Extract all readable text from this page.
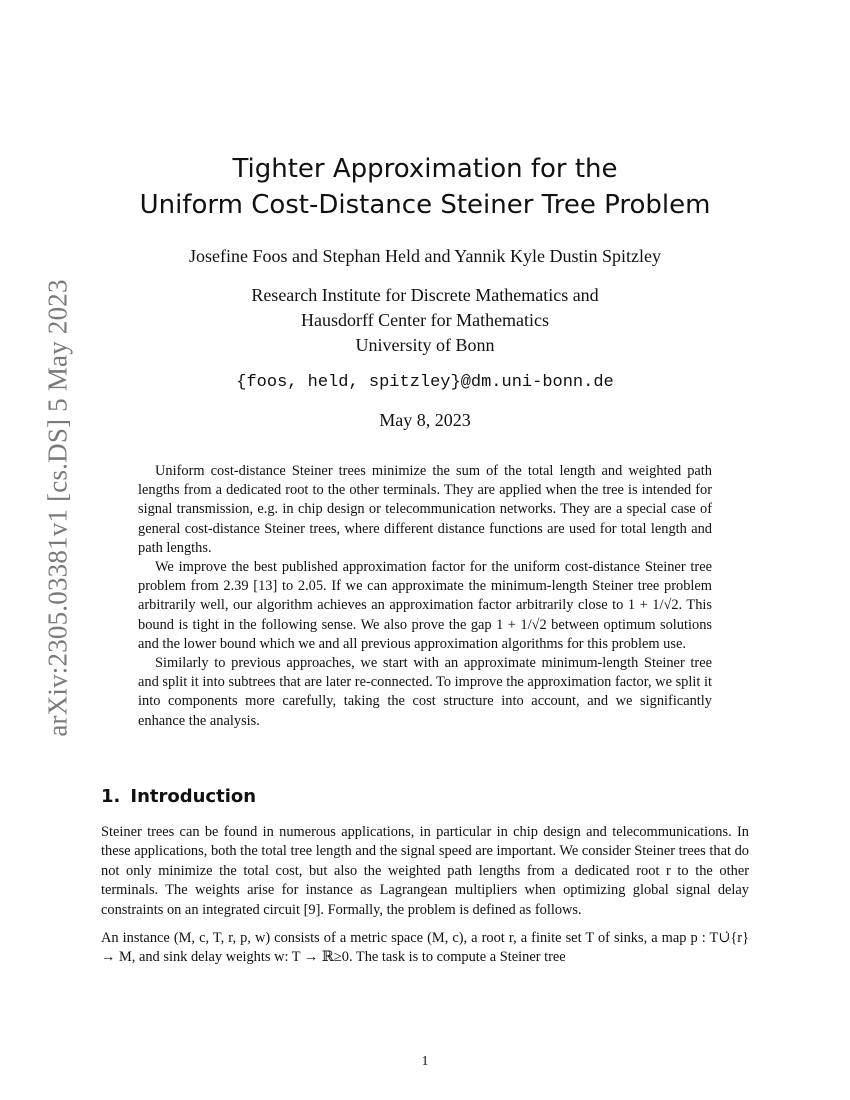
arXiv:2305.03381v1 [cs.DS] 5 May 2023
Tighter Approximation for the
Uniform Cost-Distance Steiner Tree Problem
Josefine Foos and Stephan Held and Yannik Kyle Dustin Spitzley
Research Institute for Discrete Mathematics and
Hausdorff Center for Mathematics
University of Bonn
{foos, held, spitzley}@dm.uni-bonn.de
May 8, 2023

Uniform cost-distance Steiner trees minimize the sum of the total length and weighted path lengths from a dedicated root to the other terminals. They are applied when the tree is intended for signal transmission, e.g. in chip design or telecommunication networks. They are a special case of general cost-distance Steiner trees, where different distance functions are used for total length and path lengths.

We improve the best published approximation factor for the uniform cost-distance Steiner tree problem from 2.39 [13] to 2.05. If we can approximate the minimum-length Steiner tree problem arbitrarily well, our algorithm achieves an approximation factor arbitrarily close to 1 + 1/√2. This bound is tight in the following sense. We also prove the gap 1 + 1/√2 between optimum solutions and the lower bound which we and all previous approximation algorithms for this problem use.

Similarly to previous approaches, we start with an approximate minimum-length Steiner tree and split it into subtrees that are later re-connected. To improve the approximation factor, we split it into components more carefully, taking the cost structure into account, and we significantly enhance the analysis.

1. Introduction

Steiner trees can be found in numerous applications, in particular in chip design and telecommunications. In these applications, both the total tree length and the signal speed are important. We consider Steiner trees that do not only minimize the total cost, but also the weighted path lengths from a dedicated root r to the other terminals. The weights arise for instance as Lagrangean multipliers when optimizing global signal delay constraints on an integrated circuit [9]. Formally, the problem is defined as follows.

An instance (M, c, T, r, p, w) consists of a metric space (M, c), a root r, a finite set T of sinks, a map p : T∪̇{r} → M, and sink delay weights w: T → ℝ≥0. The task is to compute a Steiner tree

1
